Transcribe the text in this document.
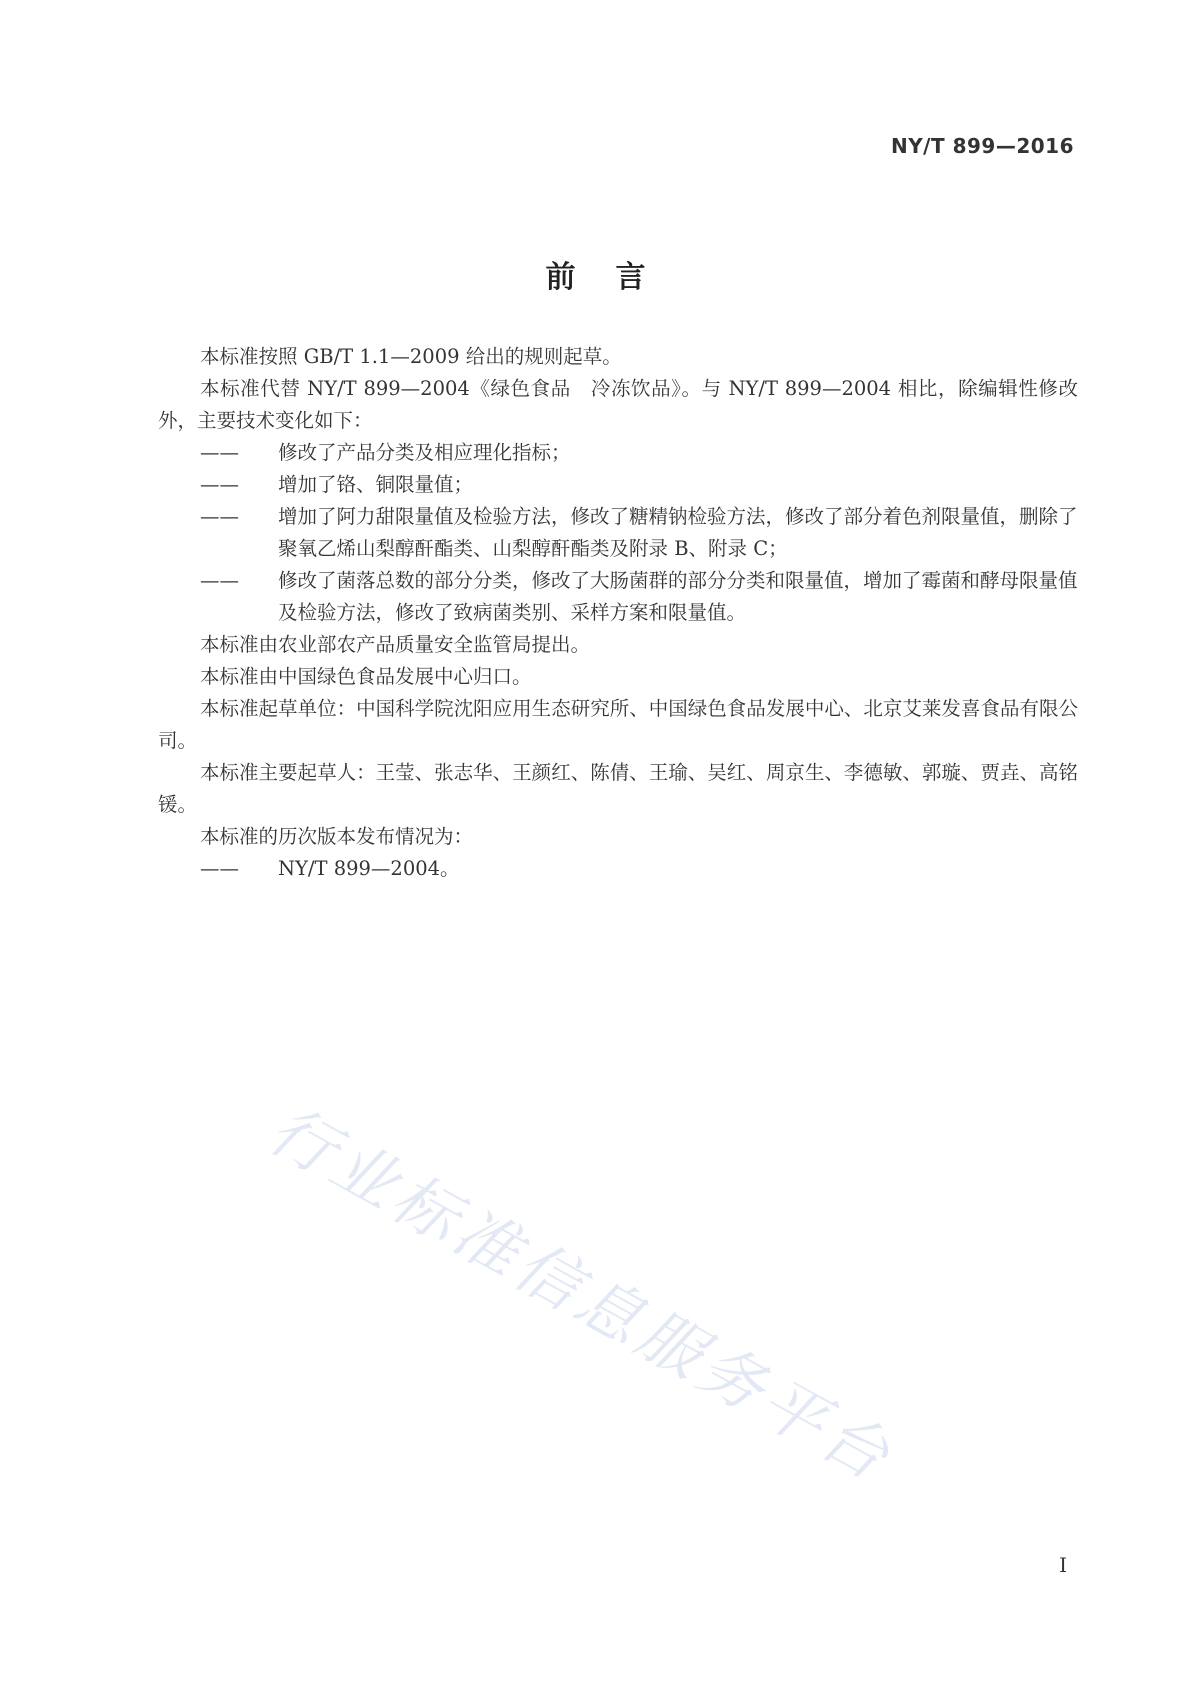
NY/T 899—2016
前言

本标准按照 GB/T 1.1—2009 给出的规则起草。

本标准代替 NY/T 899—2004《绿色食品　冷冻饮品》。与 NY/T 899—2004 相比，除编辑性修改外，主要技术变化如下：

—— 修改了产品分类及相应理化指标；

—— 增加了铬、铜限量值；

—— 增加了阿力甜限量值及检验方法，修改了糖精钠检验方法，修改了部分着色剂限量值，删除了聚氧乙烯山梨醇酐酯类、山梨醇酐酯类及附录 B、附录 C；

—— 修改了菌落总数的部分分类，修改了大肠菌群的部分分类和限量值，增加了霉菌和酵母限量值及检验方法，修改了致病菌类别、采样方案和限量值。

本标准由农业部农产品质量安全监管局提出。

本标准由中国绿色食品发展中心归口。

本标准起草单位：中国科学院沈阳应用生态研究所、中国绿色食品发展中心、北京艾莱发喜食品有限公司。

本标准主要起草人：王莹、张志华、王颜红、陈倩、王瑜、吴红、周京生、李德敏、郭璇、贾垚、高铭锾。

本标准的历次版本发布情况为：

—— NY/T 899—2004。

行业标准信息服务平台
I
